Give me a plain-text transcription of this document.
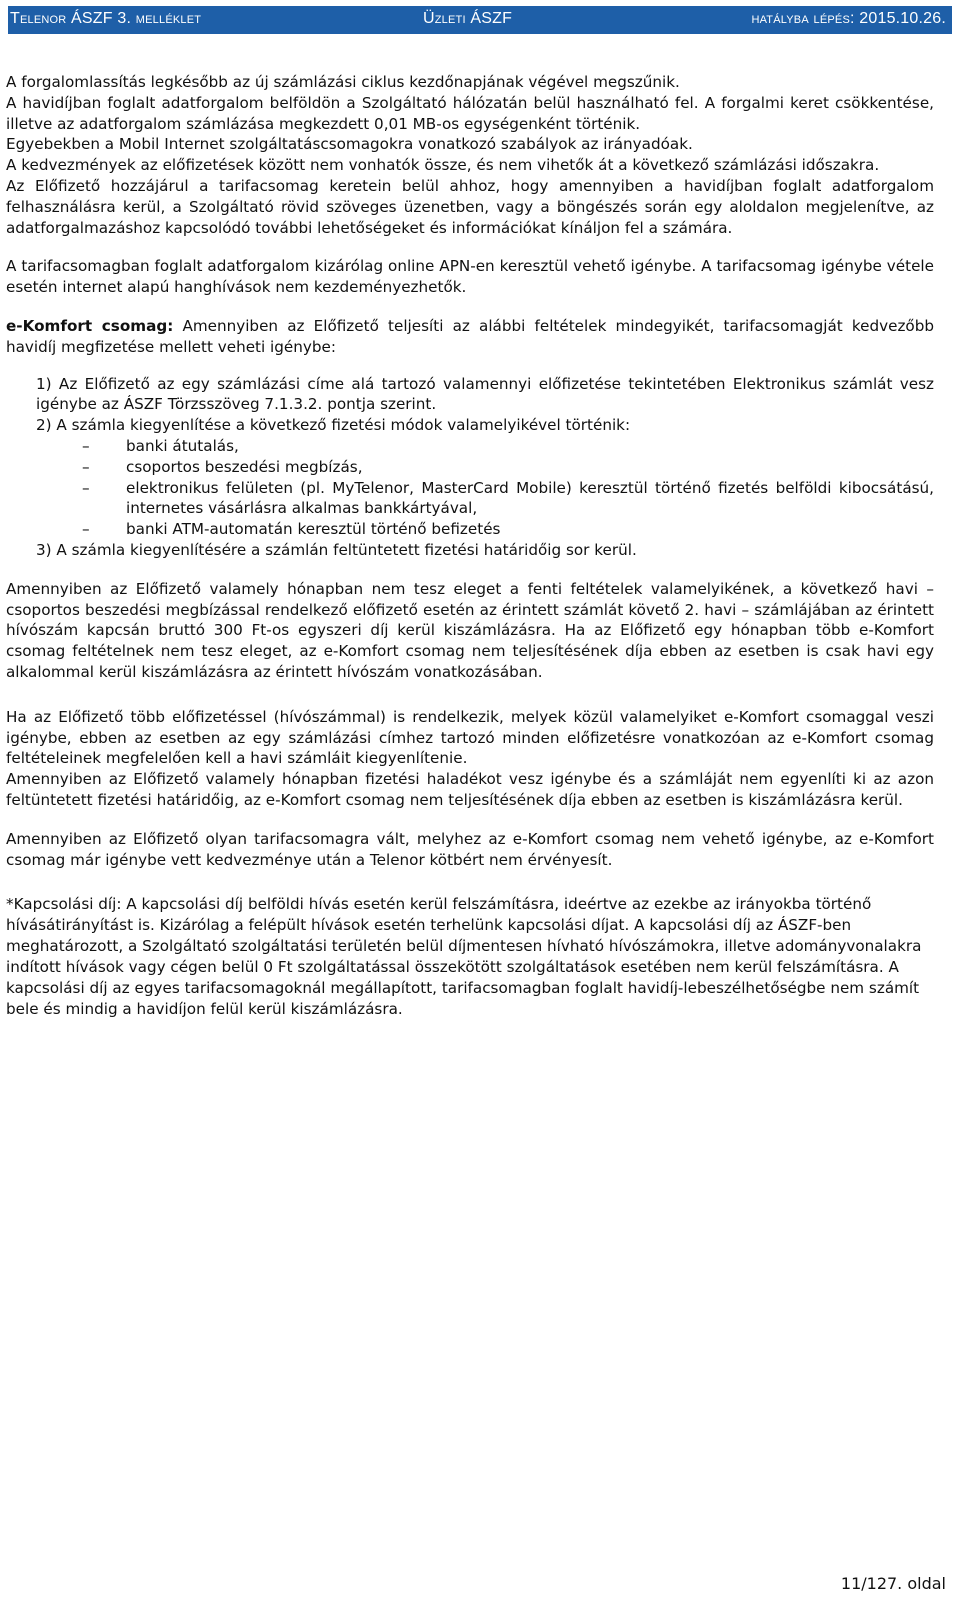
Telenor ÁSZF 3. melléklet	Üzleti ÁSZF	hatályba lépés: 2015.10.26.

A forgalomlassítás legkésőbb az új számlázási ciklus kezdőnapjának végével megszűnik.

A havidíjban foglalt adatforgalom belföldön a Szolgáltató hálózatán belül használható fel. A forgalmi keret csökkentése, illetve az adatforgalom számlázása megkezdett 0,01 MB-os egységenként történik.

Egyebekben a Mobil Internet szolgáltatáscsomagokra vonatkozó szabályok az irányadóak.

A kedvezmények az előfizetések között nem vonhatók össze, és nem vihetők át a következő számlázási időszakra.

Az Előfizető hozzájárul a tarifacsomag keretein belül ahhoz, hogy amennyiben a havidíjban foglalt adatforgalom felhasználásra kerül, a Szolgáltató rövid szöveges üzenetben, vagy a böngészés során egy aloldalon megjelenítve, az adatforgalmazáshoz kapcsolódó további lehetőségeket és információkat kínáljon fel a számára.

A tarifacsomagban foglalt adatforgalom kizárólag online APN-en keresztül vehető igénybe. A tarifacsomag igénybe vétele esetén internet alapú hanghívások nem kezdeményezhetők.

e-Komfort csomag: Amennyiben az Előfizető teljesíti az alábbi feltételek mindegyikét, tarifacsomagját kedvezőbb havidíj megfizetése mellett veheti igénybe:

1) Az Előfizető az egy számlázási címe alá tartozó valamennyi előfizetése tekintetében Elektronikus számlát vesz igénybe az ÁSZF Törzsszöveg 7.1.3.2. pontja szerint.

2) A számla kiegyenlítése a következő fizetési módok valamelyikével történik:

– banki átutalás,
– csoportos beszedési megbízás,
– elektronikus felületen (pl. MyTelenor, MasterCard Mobile) keresztül történő fizetés belföldi kibocsátású, internetes vásárlásra alkalmas bankkártyával,
– banki ATM-automatán keresztül történő befizetés

3) A számla kiegyenlítésére a számlán feltüntetett fizetési határidőig sor kerül.

Amennyiben az Előfizető valamely hónapban nem tesz eleget a fenti feltételek valamelyikének, a következő havi – csoportos beszedési megbízással rendelkező előfizető esetén az érintett számlát követő 2. havi – számlájában az érintett hívószám kapcsán bruttó 300 Ft-os egyszeri díj kerül kiszámlázásra. Ha az Előfizető egy hónapban több e-Komfort csomag feltételnek nem tesz eleget, az e-Komfort csomag nem teljesítésének díja ebben az esetben is csak havi egy alkalommal kerül kiszámlázásra az érintett hívószám vonatkozásában.

Ha az Előfizető több előfizetéssel (hívószámmal) is rendelkezik, melyek közül valamelyiket e-Komfort csomaggal veszi igénybe, ebben az esetben az egy számlázási címhez tartozó minden előfizetésre vonatkozóan az e-Komfort csomag feltételeinek megfelelően kell a havi számláit kiegyenlítenie.

Amennyiben az Előfizető valamely hónapban fizetési haladékot vesz igénybe és a számláját nem egyenlíti ki az azon feltüntetett fizetési határidőig, az e-Komfort csomag nem teljesítésének díja ebben az esetben is kiszámlázásra kerül.

Amennyiben az Előfizető olyan tarifacsomagra vált, melyhez az e-Komfort csomag nem vehető igénybe, az e-Komfort csomag már igénybe vett kedvezménye után a Telenor kötbért nem érvényesít.

*Kapcsolási díj: A kapcsolási díj belföldi hívás esetén kerül felszámításra, ideértve az ezekbe az irányokba történő hívásátirányítást is. Kizárólag a felépült hívások esetén terhelünk kapcsolási díjat. A kapcsolási díj az ÁSZF-ben meghatározott, a Szolgáltató szolgáltatási területén belül díjmentesen hívható hívószámokra, illetve adományvonalakra indított hívások vagy cégen belül 0 Ft szolgáltatással összekötött szolgáltatások esetében nem kerül felszámításra. A kapcsolási díj az egyes tarifacsomagoknál megállapított, tarifacsomagban foglalt havidíj-lebeszélhetőségbe nem számít bele és mindig a havidíjon felül kerül kiszámlázásra.

11/127. oldal
